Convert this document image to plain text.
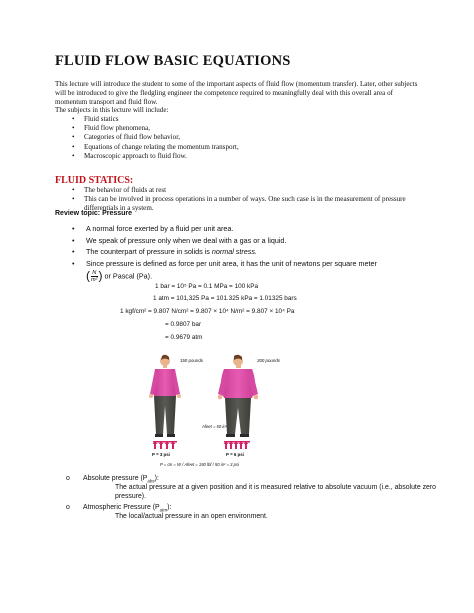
FLUID FLOW BASIC EQUATIONS
This lecture will introduce the student to some of the important aspects of fluid flow (momentum transfer). Later, other subjects will be introduced to give the fledgling engineer the competence required to meaningfully deal with this overall area of momentum transport and fluid flow.
The subjects in this lecture will include:
• Fluid statics
• Fluid flow phenomena,
• Categories of fluid flow behavior,
• Equations of change relating the momentum transport,
• Macroscopic approach to fluid flow.
FLUID STATICS:
• The behavior of fluids at rest
• This can be involved in process operations in a number of ways. One such case is in the measurement of pressure differentials in a system.
Review topic: Pressure
• A normal force exerted by a fluid per unit area.
• We speak of pressure only when we deal with a gas or a liquid.
• The counterpart of pressure in solids is normal stress.
• Since pressure is defined as force per unit area, it has the unit of newtons per square meter
( $\frac{N}{\text{m²}}$ ) or Pascal (Pa).
1 bar = 10⁵ Pa = 0.1 MPa = 100 kPa
1 atm = 101,325 Pa = 101.325 kPa = 1.01325 bars
1 kgf/cm² = 9.807 N/cm² = 9.807 × 10⁴ N/m² = 9.807 × 10⁴ Pa
= 0.9807 bar
= 0.9679 atm
150 pounds	300 pounds
Afeet = 50 in²
P = 3 psi	P = 6 psi
P = σn = W / Afeet = 150 lbf / 50 in² = 3 psi
o Absolute pressure $(P_{abs})$:
The actual pressure at a given position and it is measured relative to absolute vacuum (i.e., absolute zero pressure).
o Atmospheric Pressure $(P_{atm})$:
The local/actual pressure in an open environment.
